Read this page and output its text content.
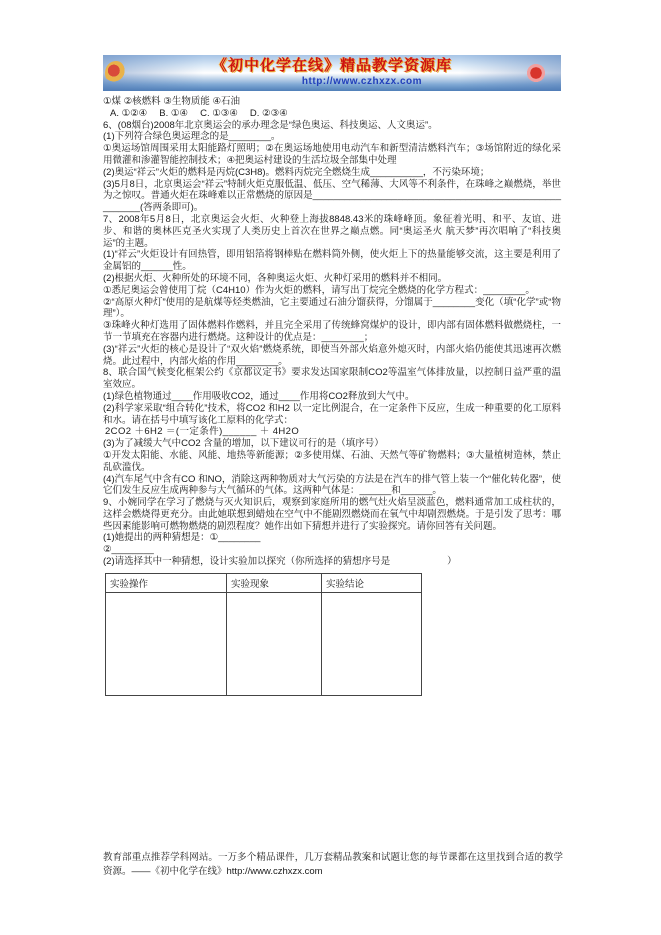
《初中化学在线》精品教学资源库
http://www.czhxzx.com

①煤 ②核燃料 ③生物质能 ④石油

A. ①②④　 B. ①④　 C. ①③④　 D. ②③④

6、(08烟台)2008年北京奥运会的承办理念是“绿色奥运、科技奥运、人文奥运”。

(1)下列符合绿色奥运理念的是________。

①奥运场馆周围采用太阳能路灯照明；②在奥运场地使用电动汽车和新型清洁燃料汽车；③场馆附近的绿化采用微灌和渗灌智能控制技术；④把奥运村建设的生活垃圾全部集中处理

(2)奥运“祥云”火炬的燃料是丙烷(C3H8)。燃料丙烷完全燃烧生成__________，不污染环境；

(3)5月8日，北京奥运会“祥云”特制火炬克服低温、低压、空气稀薄、大风等不利条件，在珠峰之巅燃烧，举世为之惊叹。普通火炬在珠峰难以正常燃烧的原因是______________________________________________________(答两条即可)。

7、2008年5月8日，北京奥运会火炬、火种登上海拔8848.43米的珠峰峰顶。象征着光明、和平、友谊、进步、和谐的奥林匹克圣火实现了人类历史上首次在世界之巅点燃。同“奥运圣火 航天梦”再次唱响了“科技奥运”的主题。

(1)“祥云”火炬设计有回热管，即用铝箔将钢棒贴在燃料筒外侧，使火炬上下的热量能够交流，这主要是利用了金属铝的______性。

(2)根据火炬、火种所处的环境不同，各种奥运火炬、火种灯采用的燃料并不相同。

①悉尼奥运会曾使用丁烷（C4H10）作为火炬的燃料，请写出丁烷完全燃烧的化学方程式：________。

②“高原火种灯”使用的是航煤等烃类燃油，它主要通过石油分馏获得，分馏属于________变化（填“化学”或“物理”）。

③珠峰火种灯选用了固体燃料作燃料，并且完全采用了传统蜂窝煤炉的设计，即内部有固体燃料做燃烧柱，一节一节填充在容器内进行燃烧。这种设计的优点是：________；

(3)“祥云”火炬的核心是设计了“双火焰”燃烧系统，即使当外部火焰意外熄灭时，内部火焰仍能使其迅速再次燃烧。此过程中，内部火焰的作用________。

8、联合国气候变化框架公约《京都议定书》要求发达国家限制CO2等温室气体排放量，以控制日益严重的温室效应。

(1)绿色植物通过____作用吸收CO2，通过____作用将CO2释放到大气中。

(2)科学家采取“组合转化”技术，将CO2 和H2 以一定比例混合，在一定条件下反应，生成一种重要的化工原料和水。请在括号中填写该化工原料的化学式：

2CO2 ＋6H2 ＝(一定条件)______ ＋ 4H2O

(3)为了减缓大气中CO2 含量的增加，以下建议可行的是（填序号）

①开发太阳能、水能、风能、地热等新能源；②多使用煤、石油、天然气等矿物燃料；③大量植树造林，禁止乱砍滥伐。

(4)汽车尾气中含有CO 和NO，消除这两种物质对大气污染的方法是在汽车的排气管上装一个“催化转化器”，使它们发生反应生成两种参与大气循环的气体。这两种气体是：______和______。

9、小婉同学在学习了燃烧与灭火知识后，观察到家庭所用的燃气灶火焰呈淡蓝色，燃料通常加工成柱状的，这样会燃烧得更充分。由此她联想到蜡烛在空气中不能剧烈燃烧而在氧气中却剧烈燃烧。于是引发了思考：哪些因素能影响可燃物燃烧的剧烈程度？她作出如下猜想并进行了实验探究。请你回答有关问题。

(1)她提出的两种猜想是：①________

②________

(2)请选择其中一种猜想，设计实验加以探究（你所选择的猜想序号是　　　　　　）

实验操作	实验现象	实验结论

教育部重点推荐学科网站。一万多个精品课件，几万套精品教案和试题让您的每节课都在这里找到合适的教学资源。——《初中化学在线》http://www.czhxzx.com
